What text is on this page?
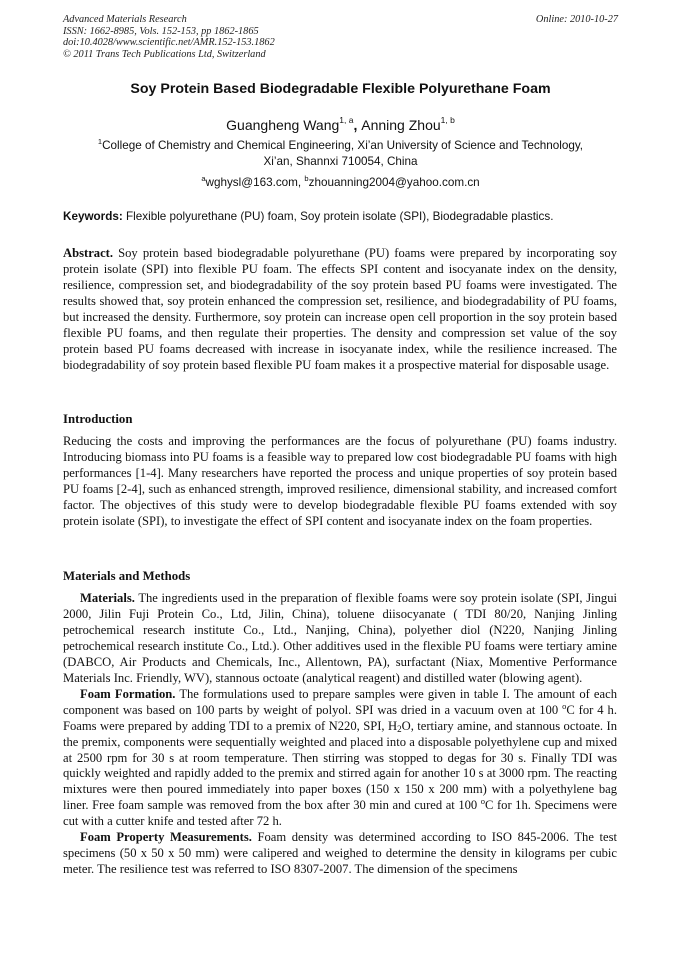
Advanced Materials Research
ISSN: 1662-8985, Vols. 152-153, pp 1862-1865
doi:10.4028/www.scientific.net/AMR.152-153.1862
© 2011 Trans Tech Publications Ltd, Switzerland
Online: 2010-10-27
Soy Protein Based Biodegradable Flexible Polyurethane Foam
Guangheng Wang$^{1, a}$, Anning Zhou$^{1, b}$
$^1$College of Chemistry and Chemical Engineering, Xi’an University of Science and Technology,
Xi’an, Shannxi 710054, China
$^a$wghysl@163.com, $^b$zhouanning2004@yahoo.com.cn
Keywords: Flexible polyurethane (PU) foam, Soy protein isolate (SPI), Biodegradable plastics.

Abstract. Soy protein based biodegradable polyurethane (PU) foams were prepared by incorporating soy protein isolate (SPI) into flexible PU foam. The effects SPI content and isocyanate index on the density, resilience, compression set, and biodegradability of the soy protein based PU foams were investigated. The results showed that, soy protein enhanced the compression set, resilience, and biodegradability of PU foams, but increased the density. Furthermore, soy protein can increase open cell proportion in the soy protein based flexible PU foams, and then regulate their properties. The density and compression set value of the soy protein based PU foams decreased with increase in isocyanate index, while the resilience increased. The biodegradability of soy protein based flexible PU foam makes it a prospective material for disposable usage.

Introduction

Reducing the costs and improving the performances are the focus of polyurethane (PU) foams industry. Introducing biomass into PU foams is a feasible way to prepared low cost biodegradable PU foams with high performances [1-4]. Many researchers have reported the process and unique properties of soy protein based PU foams [2-4], such as enhanced strength, improved resilience, dimensional stability, and increased comfort factor. The objectives of this study were to develop biodegradable flexible PU foams extended with soy protein isolate (SPI), to investigate the effect of SPI content and isocyanate index on the foam properties.

Materials and Methods

Materials. The ingredients used in the preparation of flexible foams were soy protein isolate (SPI, Jingui 2000, Jilin Fuji Protein Co., Ltd, Jilin, China), toluene diisocyanate ( TDI 80/20, Nanjing Jinling petrochemical research institute Co., Ltd., Nanjing, China), polyether diol (N220, Nanjing Jinling petrochemical research institute Co., Ltd.). Other additives used in the flexible PU foams were tertiary amine (DABCO, Air Products and Chemicals, Inc., Allentown, PA), surfactant (Niax, Momentive Performance Materials Inc. Friendly, WV), stannous octoate (analytical reagent) and distilled water (blowing agent).

Foam Formation. The formulations used to prepare samples were given in table I. The amount of each component was based on 100 parts by weight of polyol. SPI was dried in a vacuum oven at 100 $^o$C for 4 h. Foams were prepared by adding TDI to a premix of N220, SPI, $H_2O$, tertiary amine, and stannous octoate. In the premix, components were sequentially weighted and placed into a disposable polyethylene cup and mixed at 2500 rpm for 30 s at room temperature. Then stirring was stopped to degas for 30 s. Finally TDI was quickly weighted and rapidly added to the premix and stirred again for another 10 s at 3000 rpm. The reacting mixtures were then poured immediately into paper boxes (150 x 150 x 200 mm) with a polyethylene bag liner. Free foam sample was removed from the box after 30 min and cured at 100 $^o$C for 1h. Specimens were cut with a cutter knife and tested after 72 h.

Foam Property Measurements. Foam density was determined according to ISO 845-2006. The test specimens (50 x 50 x 50 mm) were calipered and weighed to determine the density in kilograms per cubic meter. The resilience test was referred to ISO 8307-2007. The dimension of the specimens
